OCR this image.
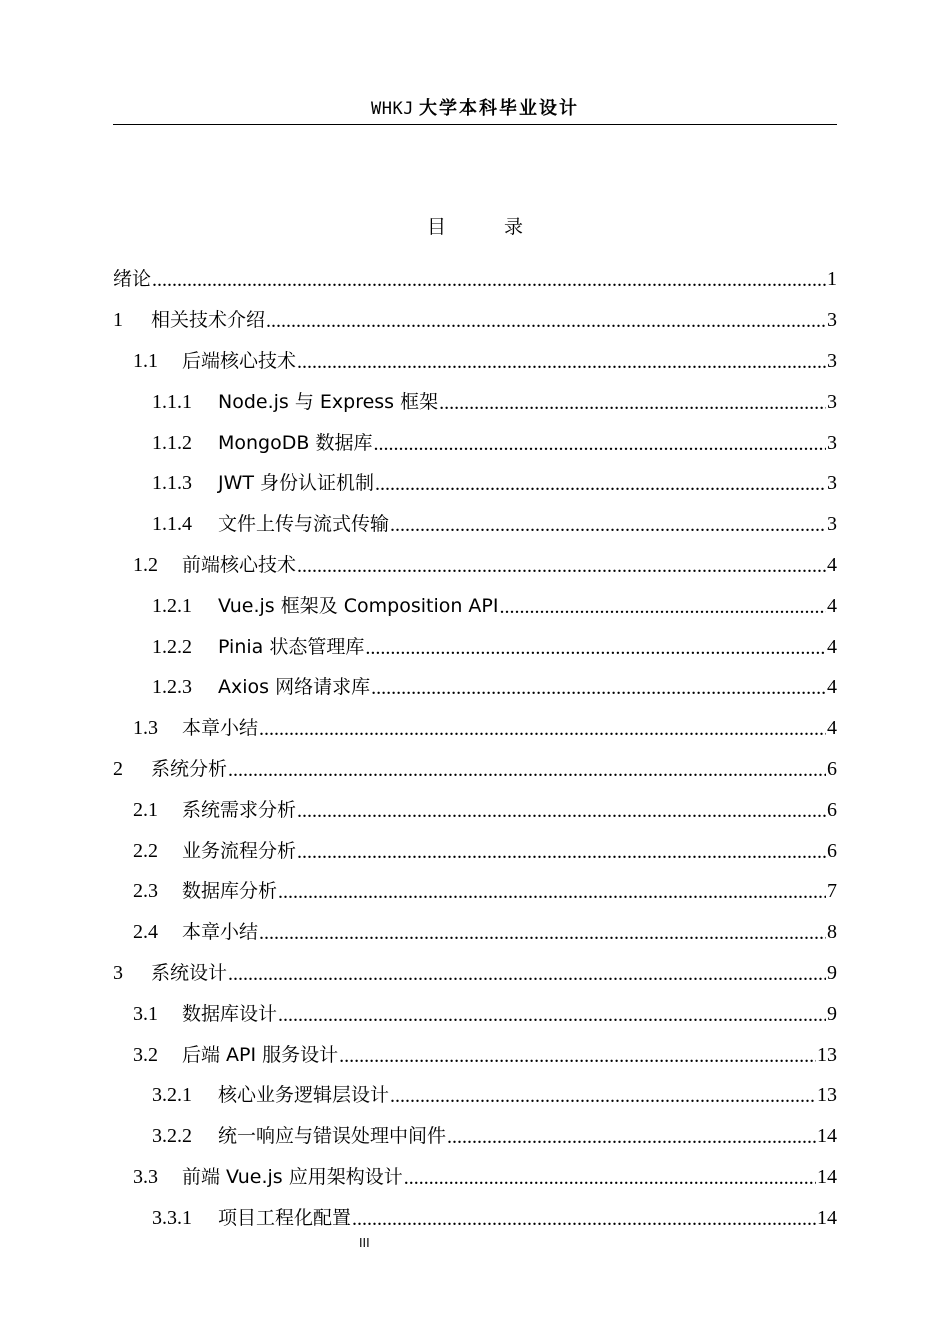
WHKJ 大学本科毕业设计
目 录
绪论 .....	1
1	相关技术介绍 .....	3
1.1	后端核心技术 .....	3
1.1.1	Node.js 与 Express 框架 .....	3
1.1.2	MongoDB 数据库 .....	3
1.1.3	JWT 身份认证机制 .....	3
1.1.4	文件上传与流式传输 .....	3
1.2	前端核心技术 .....	4
1.2.1	Vue.js 框架及 Composition API .....	4
1.2.2	Pinia 状态管理库 .....	4
1.2.3	Axios 网络请求库 .....	4
1.3	本章小结 .....	4
2	系统分析 .....	6
2.1	系统需求分析 .....	6
2.2	业务流程分析 .....	6
2.3	数据库分析 .....	7
2.4	本章小结 .....	8
3	系统设计 .....	9
3.1	数据库设计 .....	9
3.2	后端 API 服务设计 .....	13
3.2.1	核心业务逻辑层设计 .....	13
3.2.2	统一响应与错误处理中间件 .....	14
3.3	前端 Vue.js 应用架构设计 .....	14
3.3.1	项目工程化配置 .....	14
III
